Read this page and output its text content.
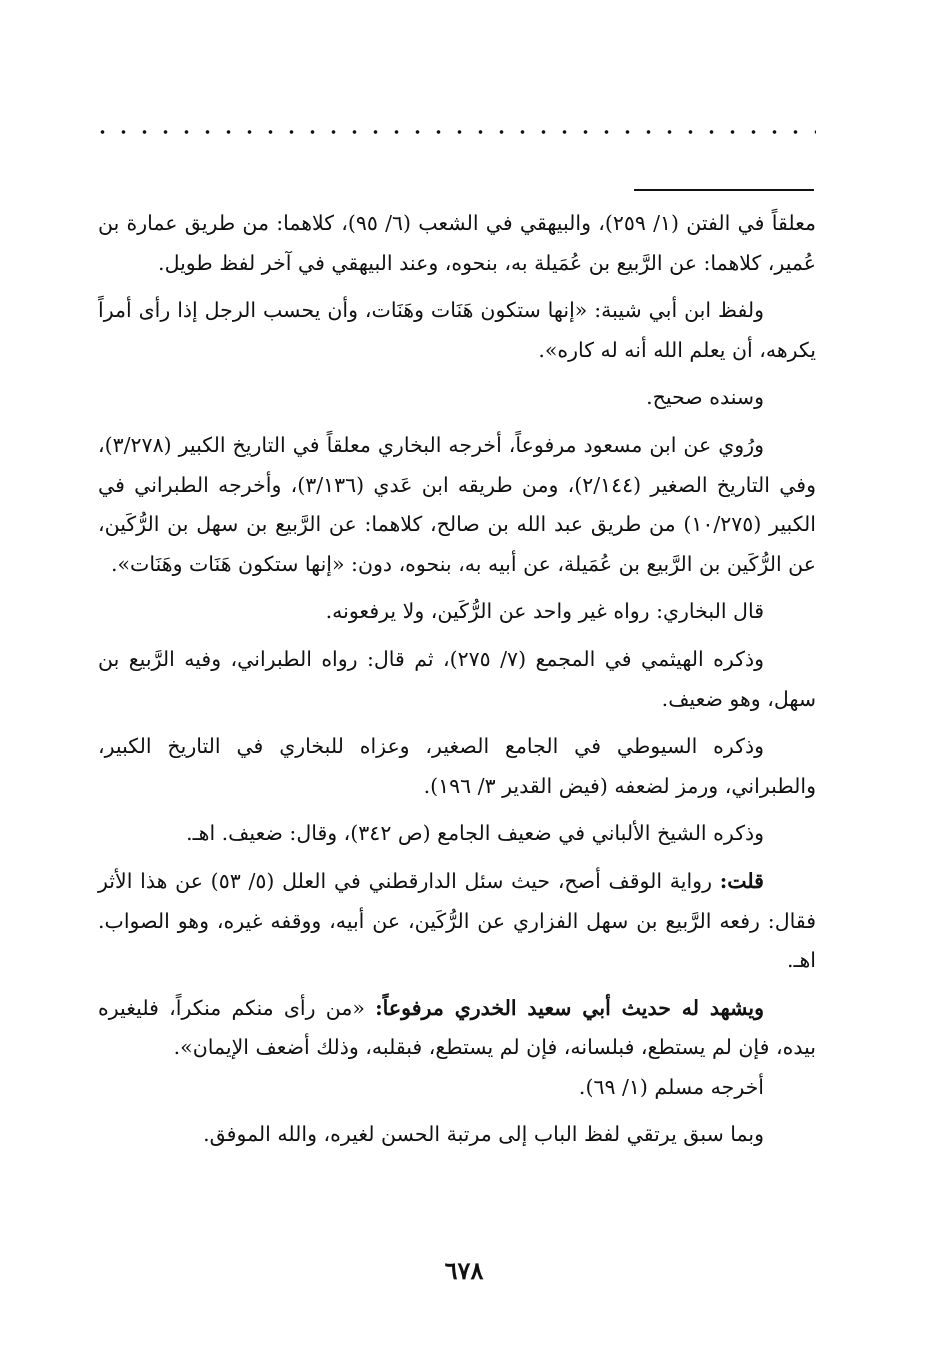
معلقاً في الفتن (١/ ٢٥٩)، والبيهقي في الشعب (٦/ ٩٥)، كلاهما: من طريق عمارة بن عُمير، كلاهما: عن الرَّبيع بن عُمَيلة به، بنحوه، وعند البيهقي في آخر لفظ طويل.

ولفظ ابن أبي شيبة: «إنها ستكون هَنَات وهَنَات، وأن يحسب الرجل إذا رأى أمراً يكرهه، أن يعلم الله أنه له كاره».

وسنده صحيح.

ورُوي عن ابن مسعود مرفوعاً، أخرجه البخاري معلقاً في التاريخ الكبير (٣/٢٧٨)، وفي التاريخ الصغير (٢/١٤٤)، ومن طريقه ابن عَدي (٣/١٣٦)، وأخرجه الطبراني في الكبير (١٠/٢٧٥) من طريق عبد الله بن صالح، كلاهما: عن الرَّبيع بن سهل بن الرُّكَين، عن الرُّكَين بن الرَّبيع بن عُمَيلة، عن أبيه به، بنحوه، دون: «إنها ستكون هَنَات وهَنَات».

قال البخاري: رواه غير واحد عن الرُّكَين، ولا يرفعونه.

وذكره الهيثمي في المجمع (٧/ ٢٧٥)، ثم قال: رواه الطبراني، وفيه الرَّبيع بن سهل، وهو ضعيف.

وذكره السيوطي في الجامع الصغير، وعزاه للبخاري في التاريخ الكبير، والطبراني، ورمز لضعفه (فيض القدير ٣/ ١٩٦).

وذكره الشيخ الألباني في ضعيف الجامع (ص ٣٤٢)، وقال: ضعيف. اهـ.

قلت: رواية الوقف أصح، حيث سئل الدارقطني في العلل (٥/ ٥٣) عن هذا الأثر فقال: رفعه الرَّبيع بن سهل الفزاري عن الرُّكَين، عن أبيه، ووقفه غيره، وهو الصواب. اهـ.

ويشهد له حديث أبي سعيد الخدري مرفوعاً: «من رأى منكم منكراً، فليغيره بيده، فإن لم يستطع، فبلسانه، فإن لم يستطع، فبقلبه، وذلك أضعف الإيمان».

أخرجه مسلم (١/ ٦٩).

وبما سبق يرتقي لفظ الباب إلى مرتبة الحسن لغيره، والله الموفق.

٦٧٨
